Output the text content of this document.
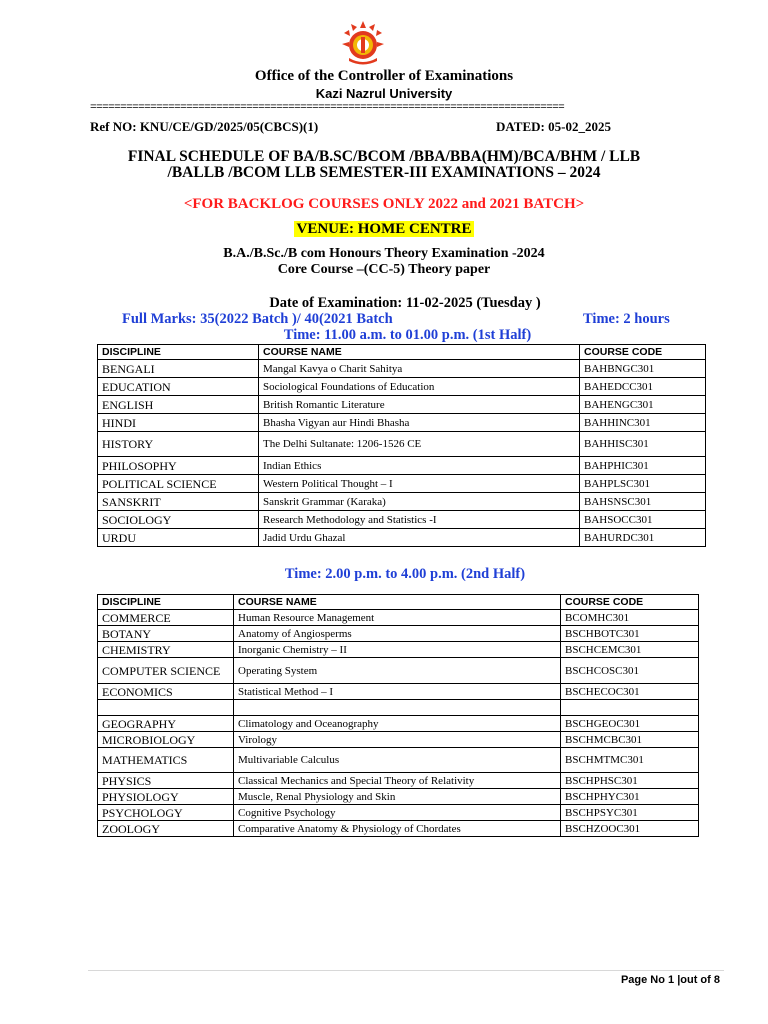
Office of the Controller of Examinations
Kazi Nazrul University
===============================================================================
Ref NO: KNU/CE/GD/2025/05(CBCS)(1)	DATED: 05-02_2025
FINAL SCHEDULE OF BA/B.SC/BCOM /BBA/BBA(HM)/BCA/BHM / LLB
/BALLB /BCOM LLB SEMESTER-III EXAMINATIONS – 2024
<FOR BACKLOG COURSES ONLY 2022 and 2021 BATCH>
VENUE: HOME CENTRE
B.A./B.Sc./B com Honours Theory Examination -2024
Core Course –(CC-5) Theory paper
Date of Examination: 11-02-2025 (Tuesday )
Full Marks: 35(2022 Batch )/ 40(2021 Batch	Time: 2 hours
Time: 11.00 a.m. to 01.00 p.m. (1st Half)
DISCIPLINE	COURSE NAME	COURSE CODE
BENGALI	Mangal Kavya o Charit Sahitya	BAHBNGC301
EDUCATION	Sociological Foundations of Education	BAHEDCC301
ENGLISH	British Romantic Literature	BAHENGC301
HINDI	Bhasha Vigyan aur Hindi Bhasha	BAHHINC301
HISTORY	The Delhi Sultanate: 1206-1526 CE	BAHHISC301
PHILOSOPHY	Indian Ethics	BAHPHIC301
POLITICAL SCIENCE	Western Political Thought – I	BAHPLSC301
SANSKRIT	Sanskrit Grammar (Karaka)	BAHSNSC301
SOCIOLOGY	Research Methodology and Statistics -I	BAHSOCC301
URDU	Jadid Urdu Ghazal	BAHURDC301
Time: 2.00 p.m. to 4.00 p.m. (2nd Half)
DISCIPLINE	COURSE NAME	COURSE CODE
COMMERCE	Human Resource Management	BCOMHC301
BOTANY	Anatomy of Angiosperms	BSCHBOTC301
CHEMISTRY	Inorganic Chemistry – II	BSCHCEMC301
COMPUTER SCIENCE	Operating System	BSCHCOSC301
ECONOMICS	Statistical Method – I	BSCHECOC301

GEOGRAPHY	Climatology and Oceanography	BSCHGEOC301
MICROBIOLOGY	Virology	BSCHMCBC301
MATHEMATICS	Multivariable Calculus	BSCHMTMC301
PHYSICS	Classical Mechanics and Special Theory of Relativity	BSCHPHSC301
PHYSIOLOGY	Muscle, Renal Physiology and Skin	BSCHPHYC301
PSYCHOLOGY	Cognitive Psychology	BSCHPSYC301
ZOOLOGY	Comparative Anatomy & Physiology of Chordates	BSCHZOOC301
Page No 1 |out of 8
